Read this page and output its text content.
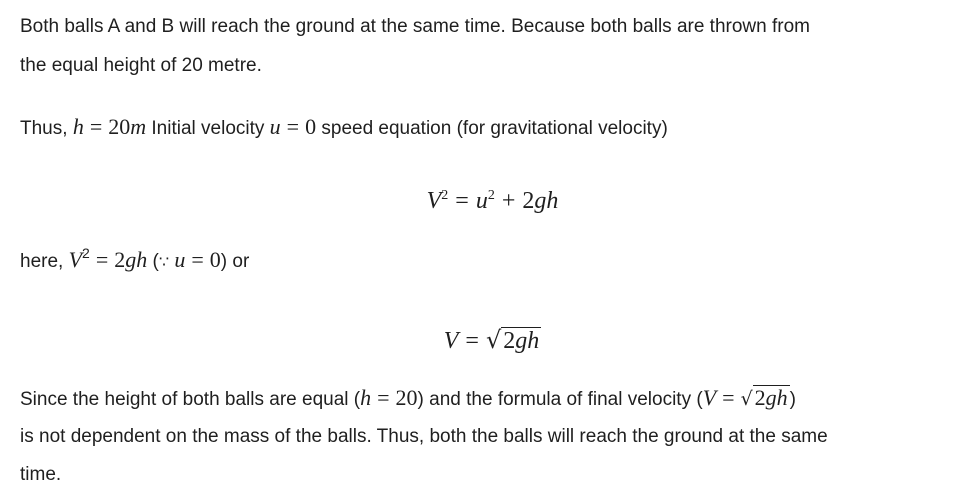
Both balls A and B will reach the ground at the same time. Because both balls are thrown from
the equal height of 20 metre.
Thus, h = 20m Initial velocity u = 0 speed equation (for gravitational velocity)
$V^2 = u^2 + 2gh$
here, $V^2 = 2gh$ (∵ u = 0) or
V = √2gh
Since the height of both balls are equal (h = 20) and the formula of final velocity (V = √2gh )
is not dependent on the mass of the balls. Thus, both the balls will reach the ground at the same
time.
